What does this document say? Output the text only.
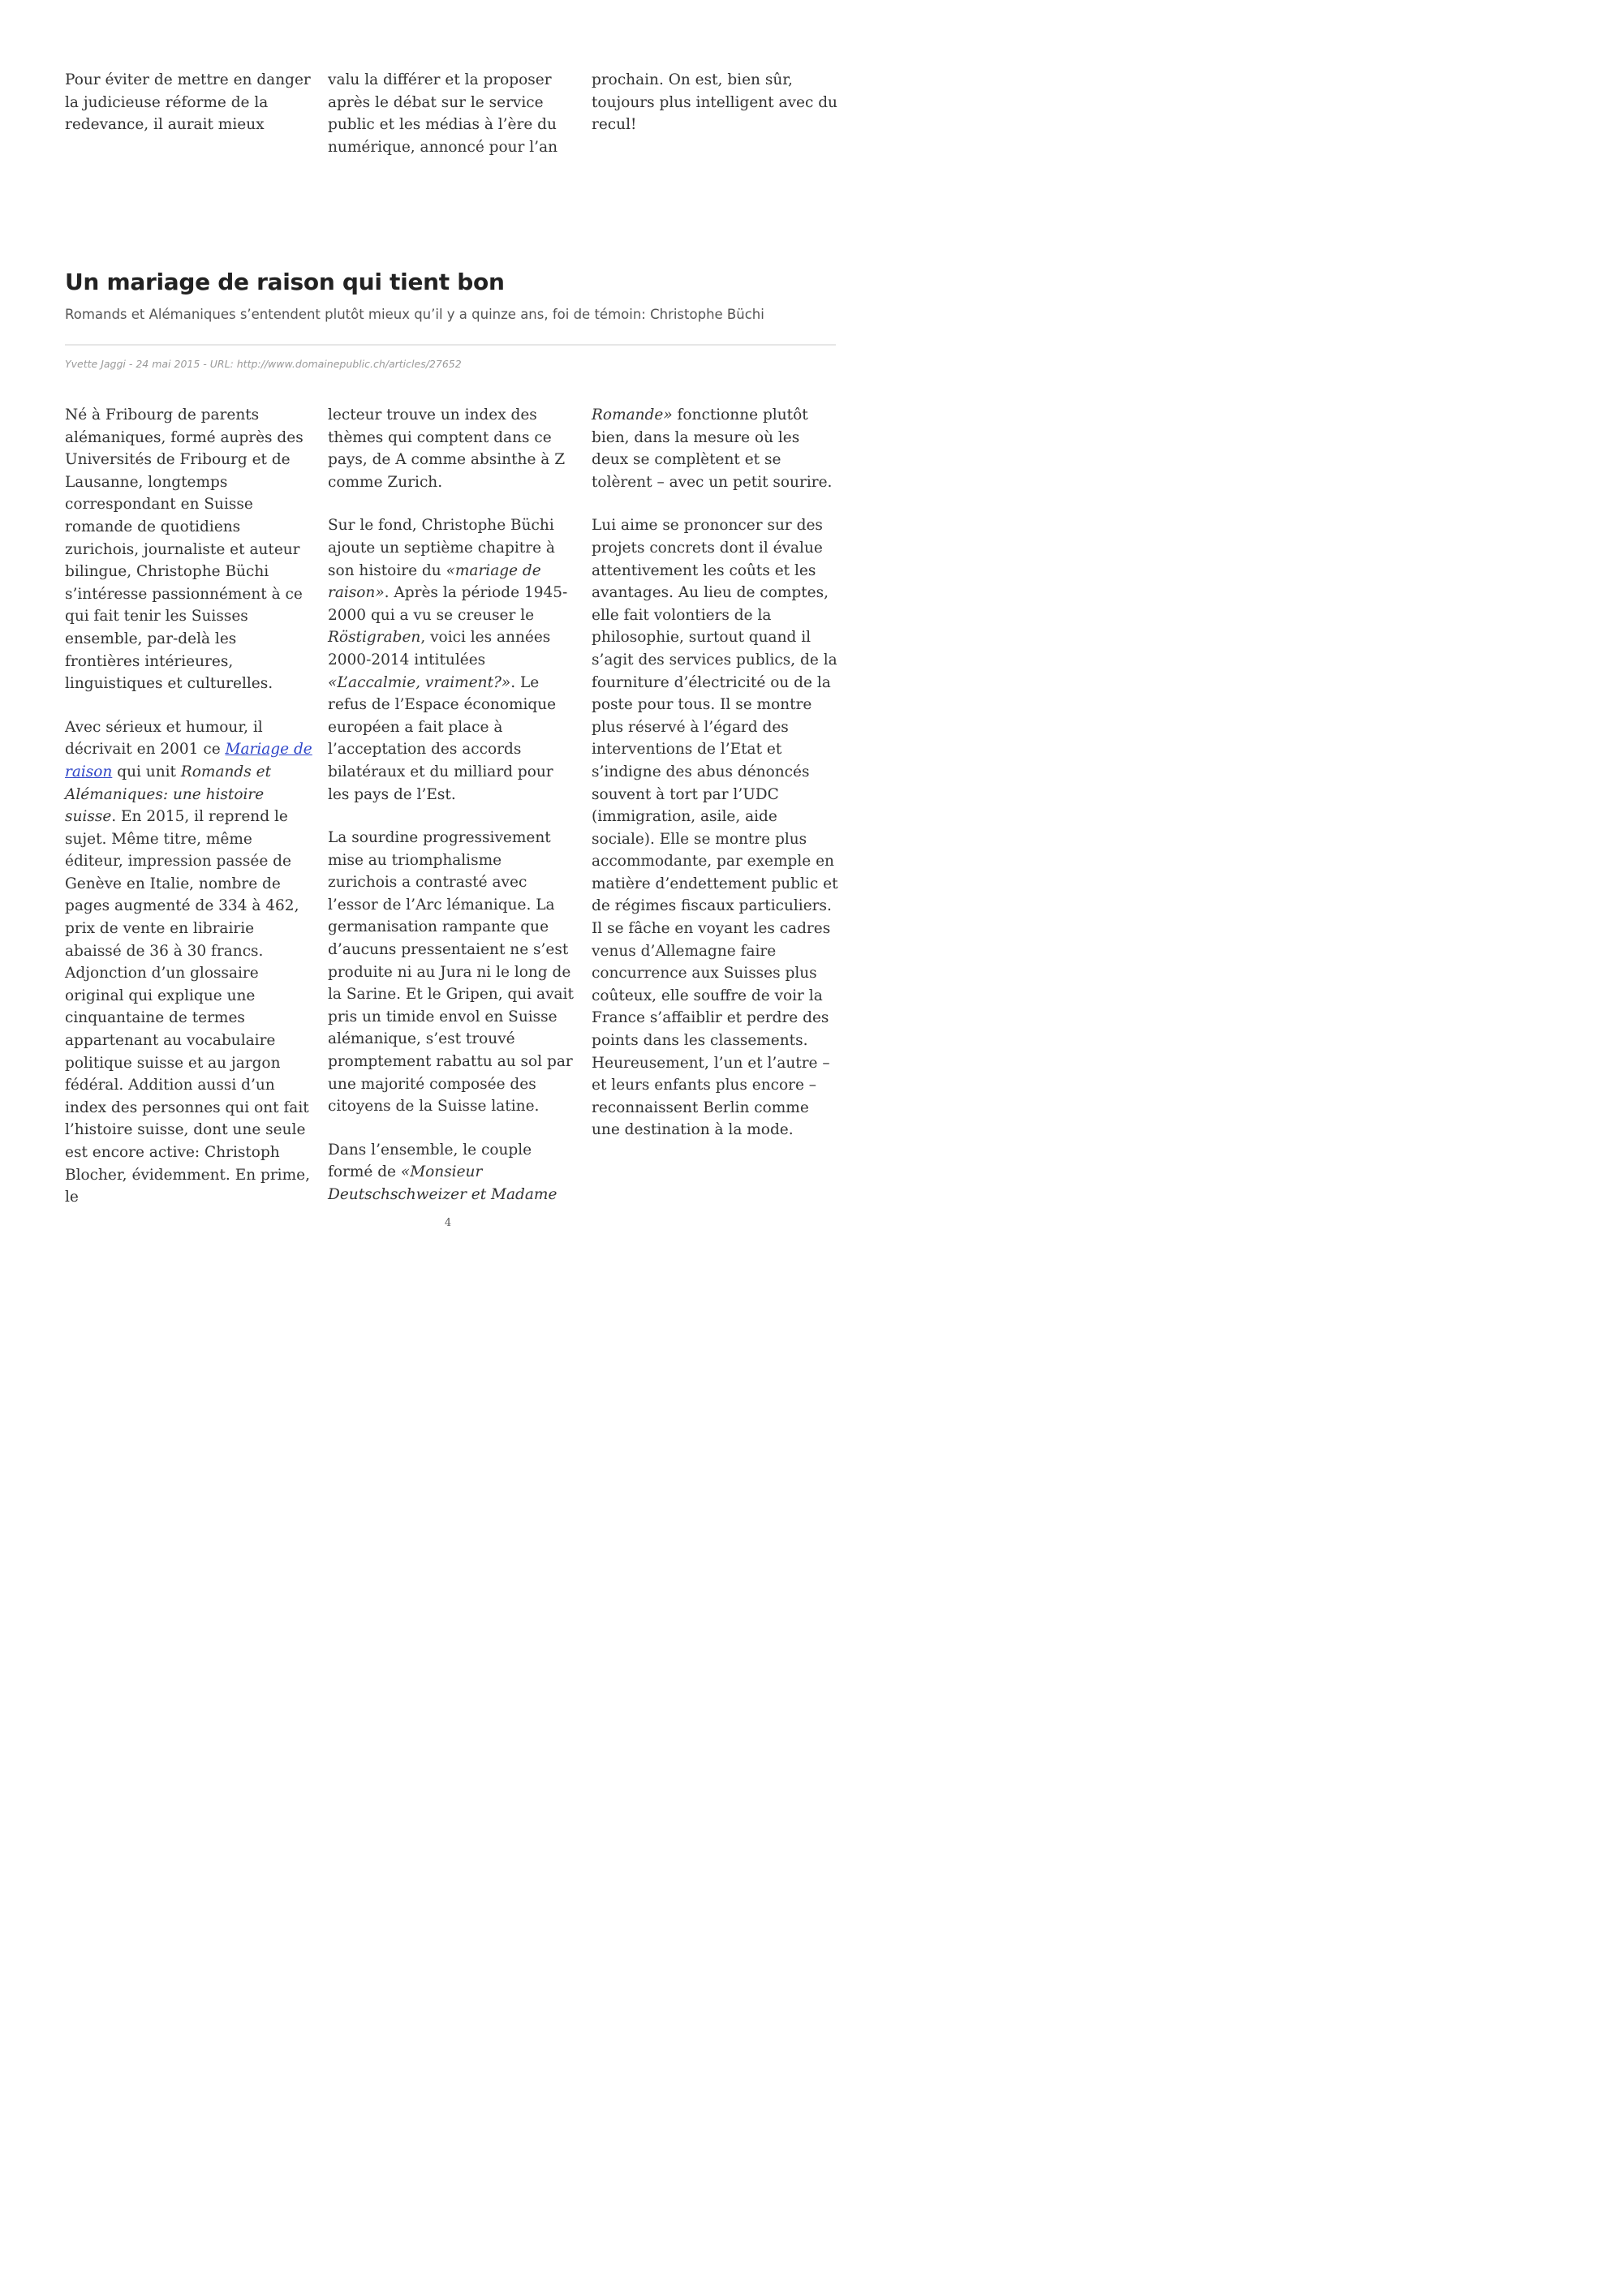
Pour éviter de mettre en danger la judicieuse réforme de la redevance, il aurait mieux

valu la différer et la proposer après le débat sur le service public et les médias à l’ère du numérique, annoncé pour l’an

prochain. On est, bien sûr, toujours plus intelligent avec du recul!

Un mariage de raison qui tient bon

Romands et Alémaniques s’entendent plutôt mieux qu’il y a quinze ans, foi de témoin: Christophe Büchi

Yvette Jaggi - 24 mai 2015 - URL: http://www.domainepublic.ch/articles/27652

Né à Fribourg de parents alémaniques, formé auprès des Universités de Fribourg et de Lausanne, longtemps correspondant en Suisse romande de quotidiens zurichois, journaliste et auteur bilingue, Christophe Büchi s’intéresse passionnément à ce qui fait tenir les Suisses ensemble, par-delà les frontières intérieures, linguistiques et culturelles.

Avec sérieux et humour, il décrivait en 2001 ce Mariage de raison qui unit Romands et Alémaniques: une histoire suisse. En 2015, il reprend le sujet. Même titre, même éditeur, impression passée de Genève en Italie, nombre de pages augmenté de 334 à 462, prix de vente en librairie abaissé de 36 à 30 francs. Adjonction d’un glossaire original qui explique une cinquantaine de termes appartenant au vocabulaire politique suisse et au jargon fédéral. Addition aussi d’un index des personnes qui ont fait l’histoire suisse, dont une seule est encore active: Christoph Blocher, évidemment. En prime, le

lecteur trouve un index des thèmes qui comptent dans ce pays, de A comme absinthe à Z comme Zurich.

Sur le fond, Christophe Büchi ajoute un septième chapitre à son histoire du «mariage de raison». Après la période 1945-2000 qui a vu se creuser le Röstigraben, voici les années 2000-2014 intitulées «L’accalmie, vraiment?». Le refus de l’Espace économique européen a fait place à l’acceptation des accords bilatéraux et du milliard pour les pays de l’Est.

La sourdine progressivement mise au triomphalisme zurichois a contrasté avec l’essor de l’Arc lémanique. La germanisation rampante que d’aucuns pressentaient ne s’est produite ni au Jura ni le long de la Sarine. Et le Gripen, qui avait pris un timide envol en Suisse alémanique, s’est trouvé promptement rabattu au sol par une majorité composée des citoyens de la Suisse latine.

Dans l’ensemble, le couple formé de «Monsieur Deutschschweizer et Madame

Romande» fonctionne plutôt bien, dans la mesure où les deux se complètent et se tolèrent – avec un petit sourire.

Lui aime se prononcer sur des projets concrets dont il évalue attentivement les coûts et les avantages. Au lieu de comptes, elle fait volontiers de la philosophie, surtout quand il s’agit des services publics, de la fourniture d’électricité ou de la poste pour tous. Il se montre plus réservé à l’égard des interventions de l’Etat et s’indigne des abus dénoncés souvent à tort par l’UDC (immigration, asile, aide sociale). Elle se montre plus accommodante, par exemple en matière d’endettement public et de régimes fiscaux particuliers. Il se fâche en voyant les cadres venus d’Allemagne faire concurrence aux Suisses plus coûteux, elle souffre de voir la France s’affaiblir et perdre des points dans les classements. Heureusement, l’un et l’autre – et leurs enfants plus encore – reconnaissent Berlin comme une destination à la mode.

4
